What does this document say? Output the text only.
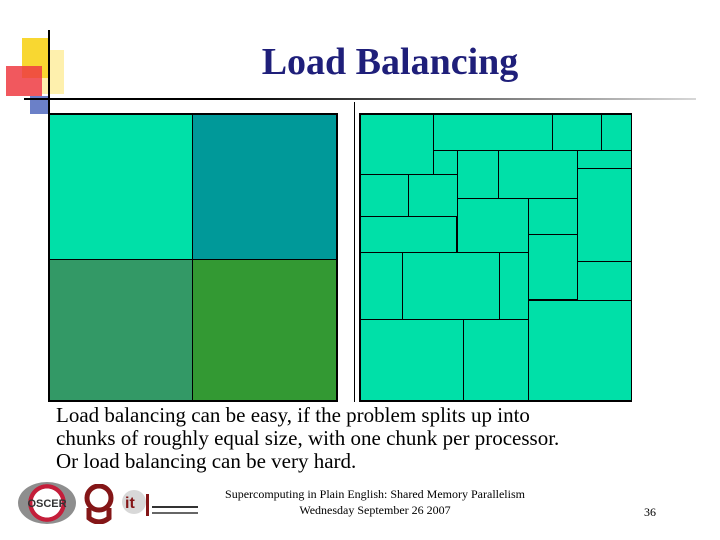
Load Balancing
Load balancing can be easy, if the problem splits up into
chunks of roughly equal size, with one chunk per processor.
Or load balancing can be very hard.
OSCER	it
Supercomputing in Plain English: Shared Memory Parallelism
Wednesday September 26 2007	36
